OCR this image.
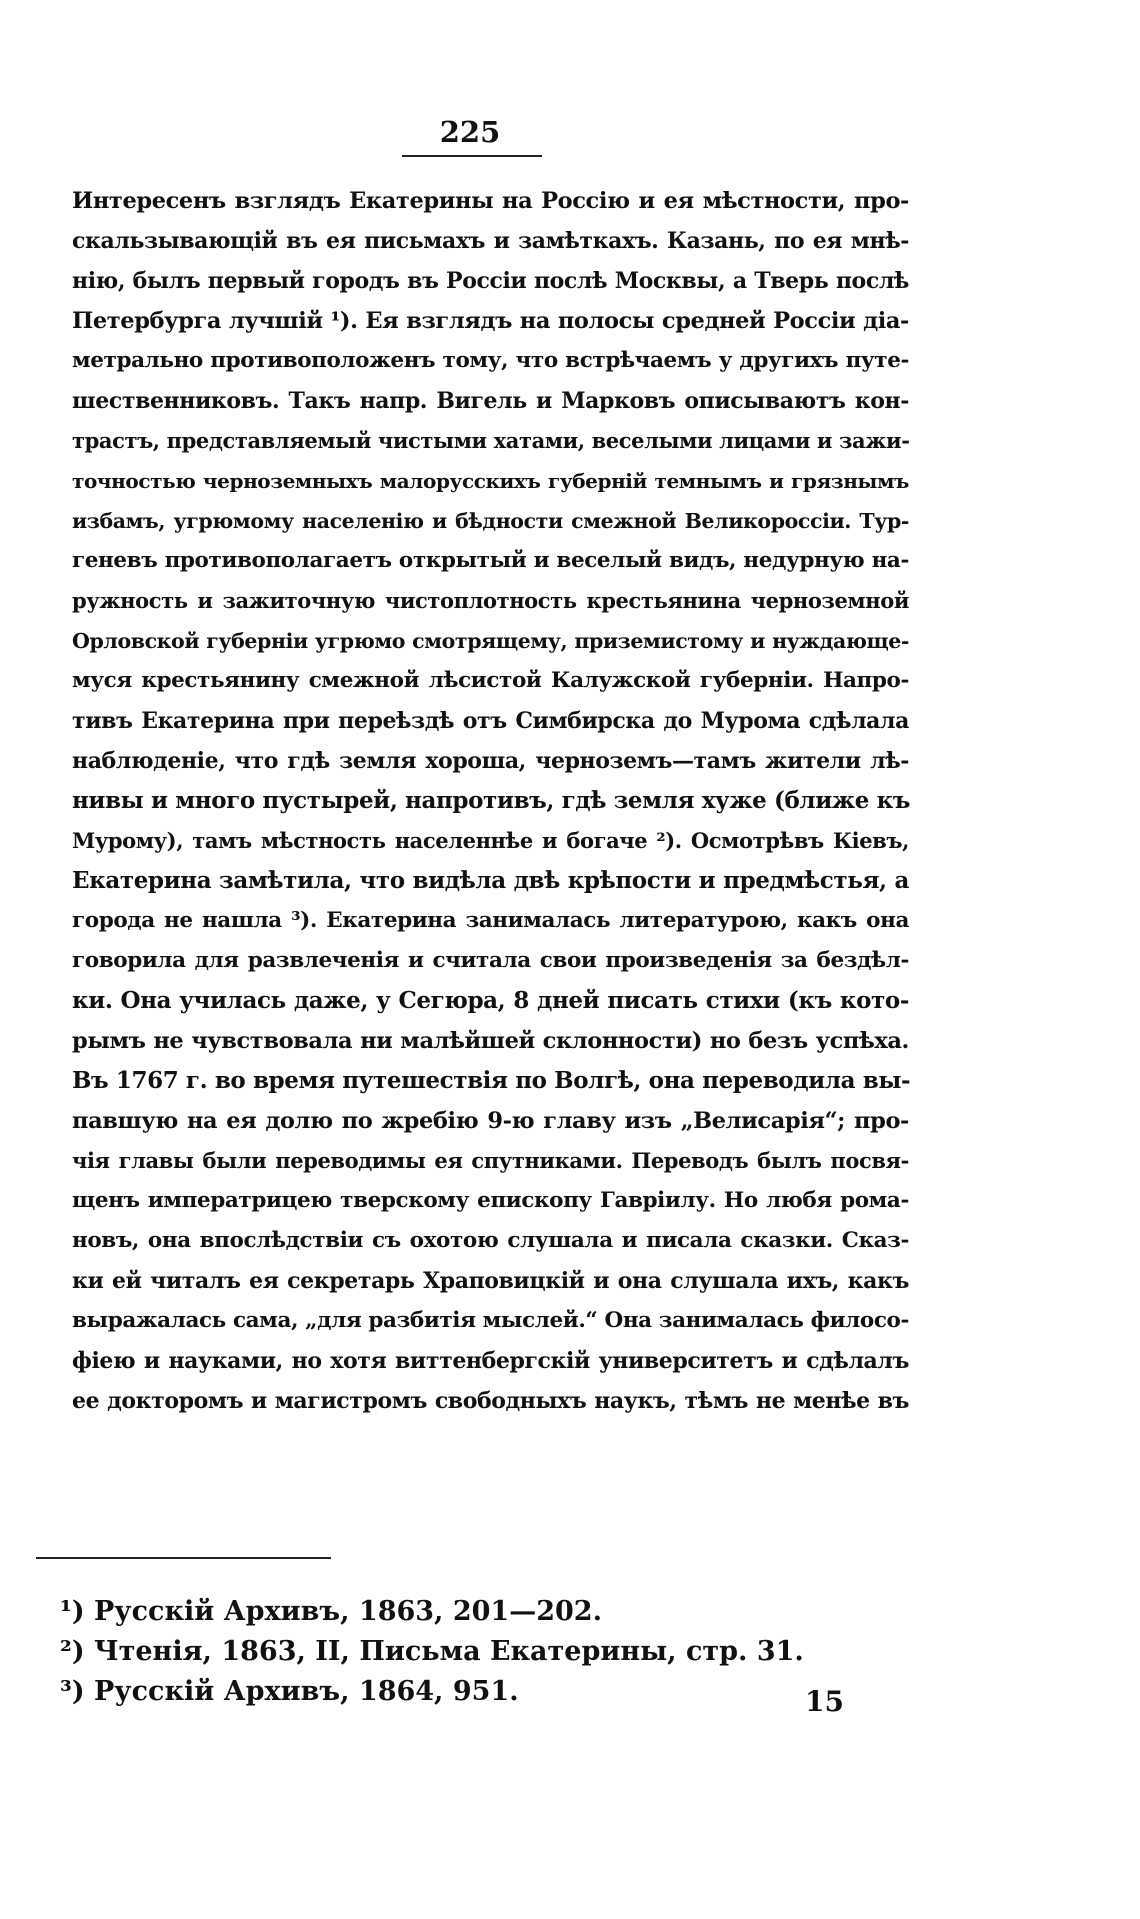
225
Интересенъ взглядъ Екатерины на Россію и ея мѣстности, про-
скальзывающій въ ея письмахъ и замѣткахъ. Казань, по ея мнѣ-
нію, былъ первый городъ въ Россіи послѣ Москвы, а Тверь послѣ
Петербурга лучшій ¹). Ея взглядъ на полосы средней Россіи діа-
метрально противоположенъ тому, что встрѣчаемъ у другихъ путе-
шественниковъ. Такъ напр. Вигель и Марковъ описываютъ кон-
трастъ, представляемый чистыми хатами, веселыми лицами и зажи-
точностью черноземныхъ малорусскихъ губерній темнымъ и грязнымъ
избамъ, угрюмому населенію и бѣдности смежной Великороссіи. Тур-
геневъ противополагаетъ открытый и веселый видъ, недурную на-
ружность и зажиточную чистоплотность крестьянина черноземной
Орловской губерніи угрюмо смотрящему, приземистому и нуждающе-
муся крестьянину смежной лѣсистой Калужской губерніи. Напро-
тивъ Екатерина при переѣздѣ отъ Симбирска до Мурома сдѣлала
наблюденіе, что гдѣ земля хороша, черноземъ—тамъ жители лѣ-
нивы и много пустырей, напротивъ, гдѣ земля хуже (ближе къ
Мурому), тамъ мѣстность населеннѣе и богаче ²). Осмотрѣвъ Кіевъ,
Екатерина замѣтила, что видѣла двѣ крѣпости и предмѣстья, а
города не нашла ³). Екатерина занималась литературою, какъ она
говорила для развлеченія и считала свои произведенія за бездѣл-
ки. Она училась даже, у Сегюра, 8 дней писать стихи (къ кото-
рымъ не чувствовала ни малѣйшей склонности) но безъ успѣха.
Въ 1767 г. во время путешествія по Волгѣ, она переводила вы-
павшую на ея долю по жребію 9-ю главу изъ „Велисарія“; про-
чія главы были переводимы ея спутниками. Переводъ былъ посвя-
щенъ императрицею тверскому епископу Гавріилу. Но любя рома-
новъ, она впослѣдствіи съ охотою слушала и писала сказки. Сказ-
ки ей читалъ ея секретарь Храповицкій и она слушала ихъ, какъ
выражалась сама, „для разбитія мыслей.“ Она занималась филосо-
фіею и науками, но хотя виттенбергскій университетъ и сдѣлалъ
ее докторомъ и магистромъ свободныхъ наукъ, тѣмъ не менѣе въ
¹) Русскій Архивъ, 1863, 201—202.
²) Чтенія, 1863, II, Письма Екатерины, стр. 31.
³) Русскій Архивъ, 1864, 951.	15
